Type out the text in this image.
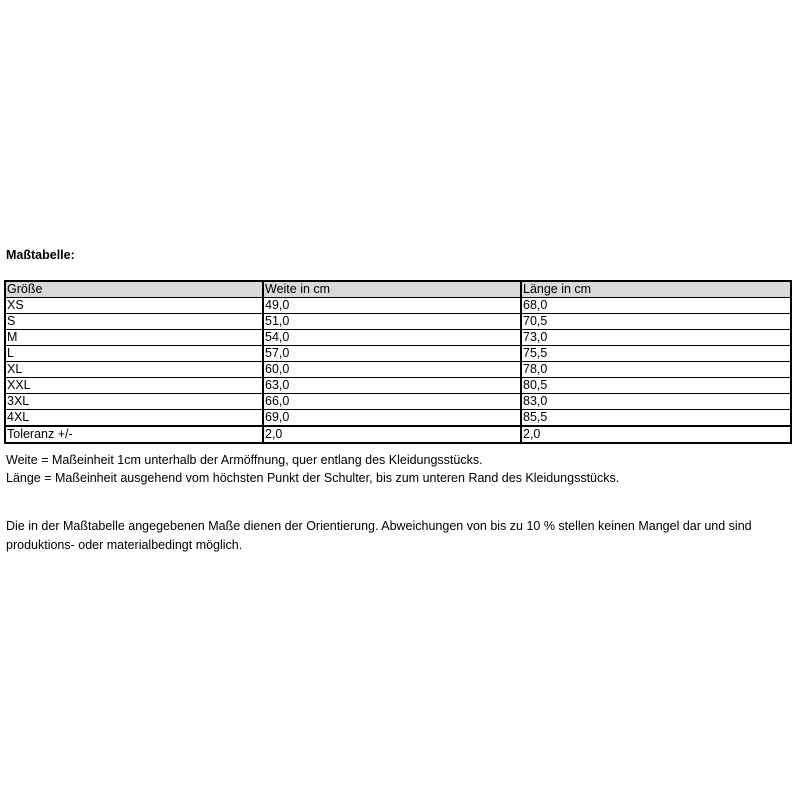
Maßtabelle:
Größe	Weite in cm	Länge in cm
XS	49,0	68,0
S	51,0	70,5
M	54,0	73,0
L	57,0	75,5
XL	60,0	78,0
XXL	63,0	80,5
3XL	66,0	83,0
4XL	69,0	85,5
Toleranz +/-	2,0	2,0

Weite = Maßeinheit 1cm unterhalb der Armöffnung, quer entlang des Kleidungsstücks.

Länge = Maßeinheit ausgehend vom höchsten Punkt der Schulter, bis zum unteren Rand des Kleidungsstücks.

Die in der Maßtabelle angegebenen Maße dienen der Orientierung. Abweichungen von bis zu 10 % stellen keinen Mangel dar und sind produktions- oder materialbedingt möglich.
